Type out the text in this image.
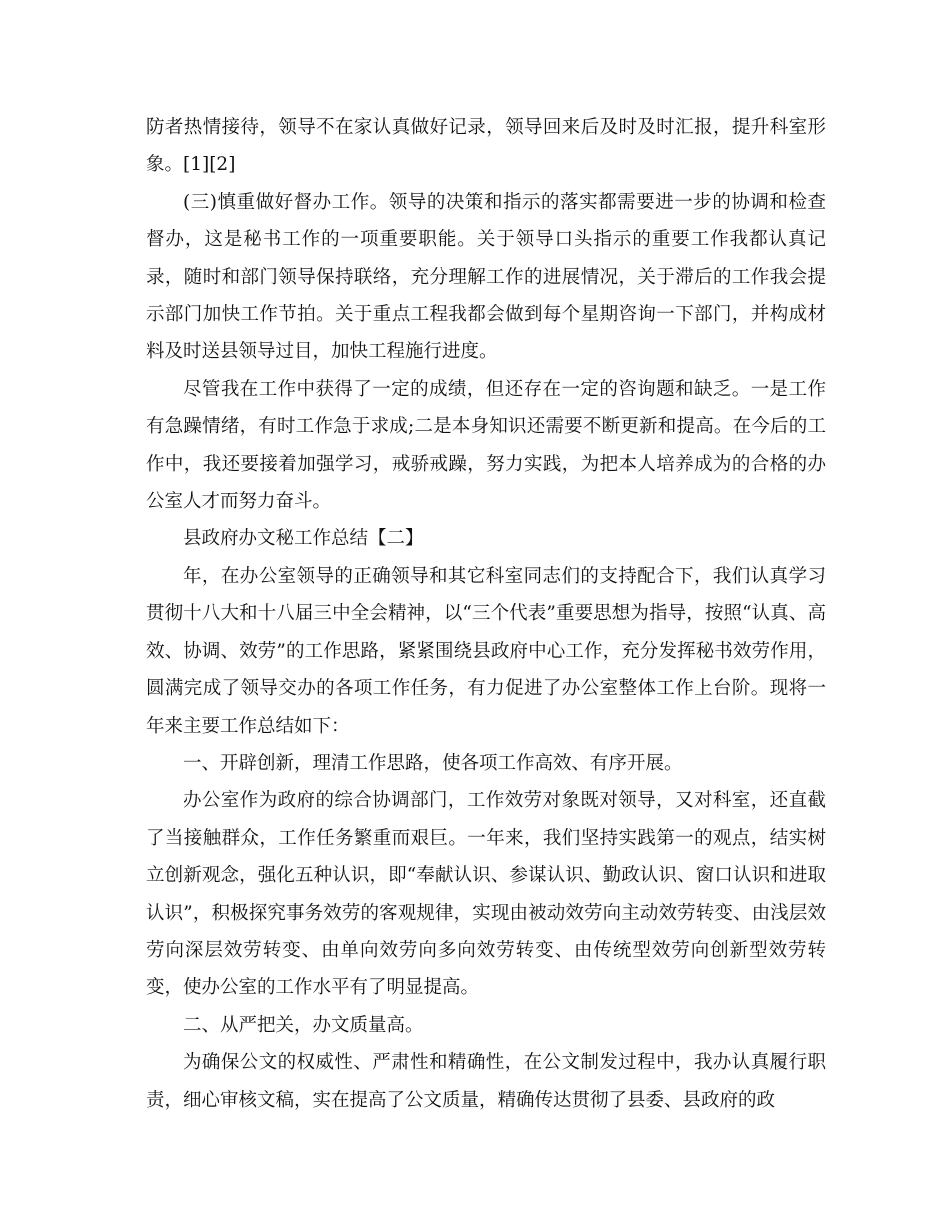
防者热情接待，领导不在家认真做好记录，领导回来后及时及时汇报，提升科室形象。[1][2]

(三)慎重做好督办工作。领导的决策和指示的落实都需要进一步的协调和检查督办，这是秘书工作的一项重要职能。关于领导口头指示的重要工作我都认真记录，随时和部门领导保持联络，充分理解工作的进展情况，关于滞后的工作我会提示部门加快工作节拍。关于重点工程我都会做到每个星期咨询一下部门，并构成材料及时送县领导过目，加快工程施行进度。

尽管我在工作中获得了一定的成绩，但还存在一定的咨询题和缺乏。一是工作有急躁情绪，有时工作急于求成;二是本身知识还需要不断更新和提高。在今后的工作中，我还要接着加强学习，戒骄戒躁，努力实践，为把本人培养成为的合格的办公室人才而努力奋斗。

县政府办文秘工作总结【二】

年，在办公室领导的正确领导和其它科室同志们的支持配合下，我们认真学习贯彻十八大和十八届三中全会精神，以“三个代表”重要思想为指导，按照“认真、高效、协调、效劳”的工作思路，紧紧围绕县政府中心工作，充分发挥秘书效劳作用，圆满完成了领导交办的各项工作任务，有力促进了办公室整体工作上台阶。现将一年来主要工作总结如下：

一、开辟创新，理清工作思路，使各项工作高效、有序开展。

办公室作为政府的综合协调部门，工作效劳对象既对领导，又对科室，还直截了当接触群众，工作任务繁重而艰巨。一年来，我们坚持实践第一的观点，结实树立创新观念，强化五种认识，即“奉献认识、参谋认识、勤政认识、窗口认识和进取认识”，积极探究事务效劳的客观规律，实现由被动效劳向主动效劳转变、由浅层效劳向深层效劳转变、由单向效劳向多向效劳转变、由传统型效劳向创新型效劳转变，使办公室的工作水平有了明显提高。

二、从严把关，办文质量高。

为确保公文的权威性、严肃性和精确性，在公文制发过程中，我办认真履行职责，细心审核文稿，实在提高了公文质量，精确传达贯彻了县委、县政府的政
